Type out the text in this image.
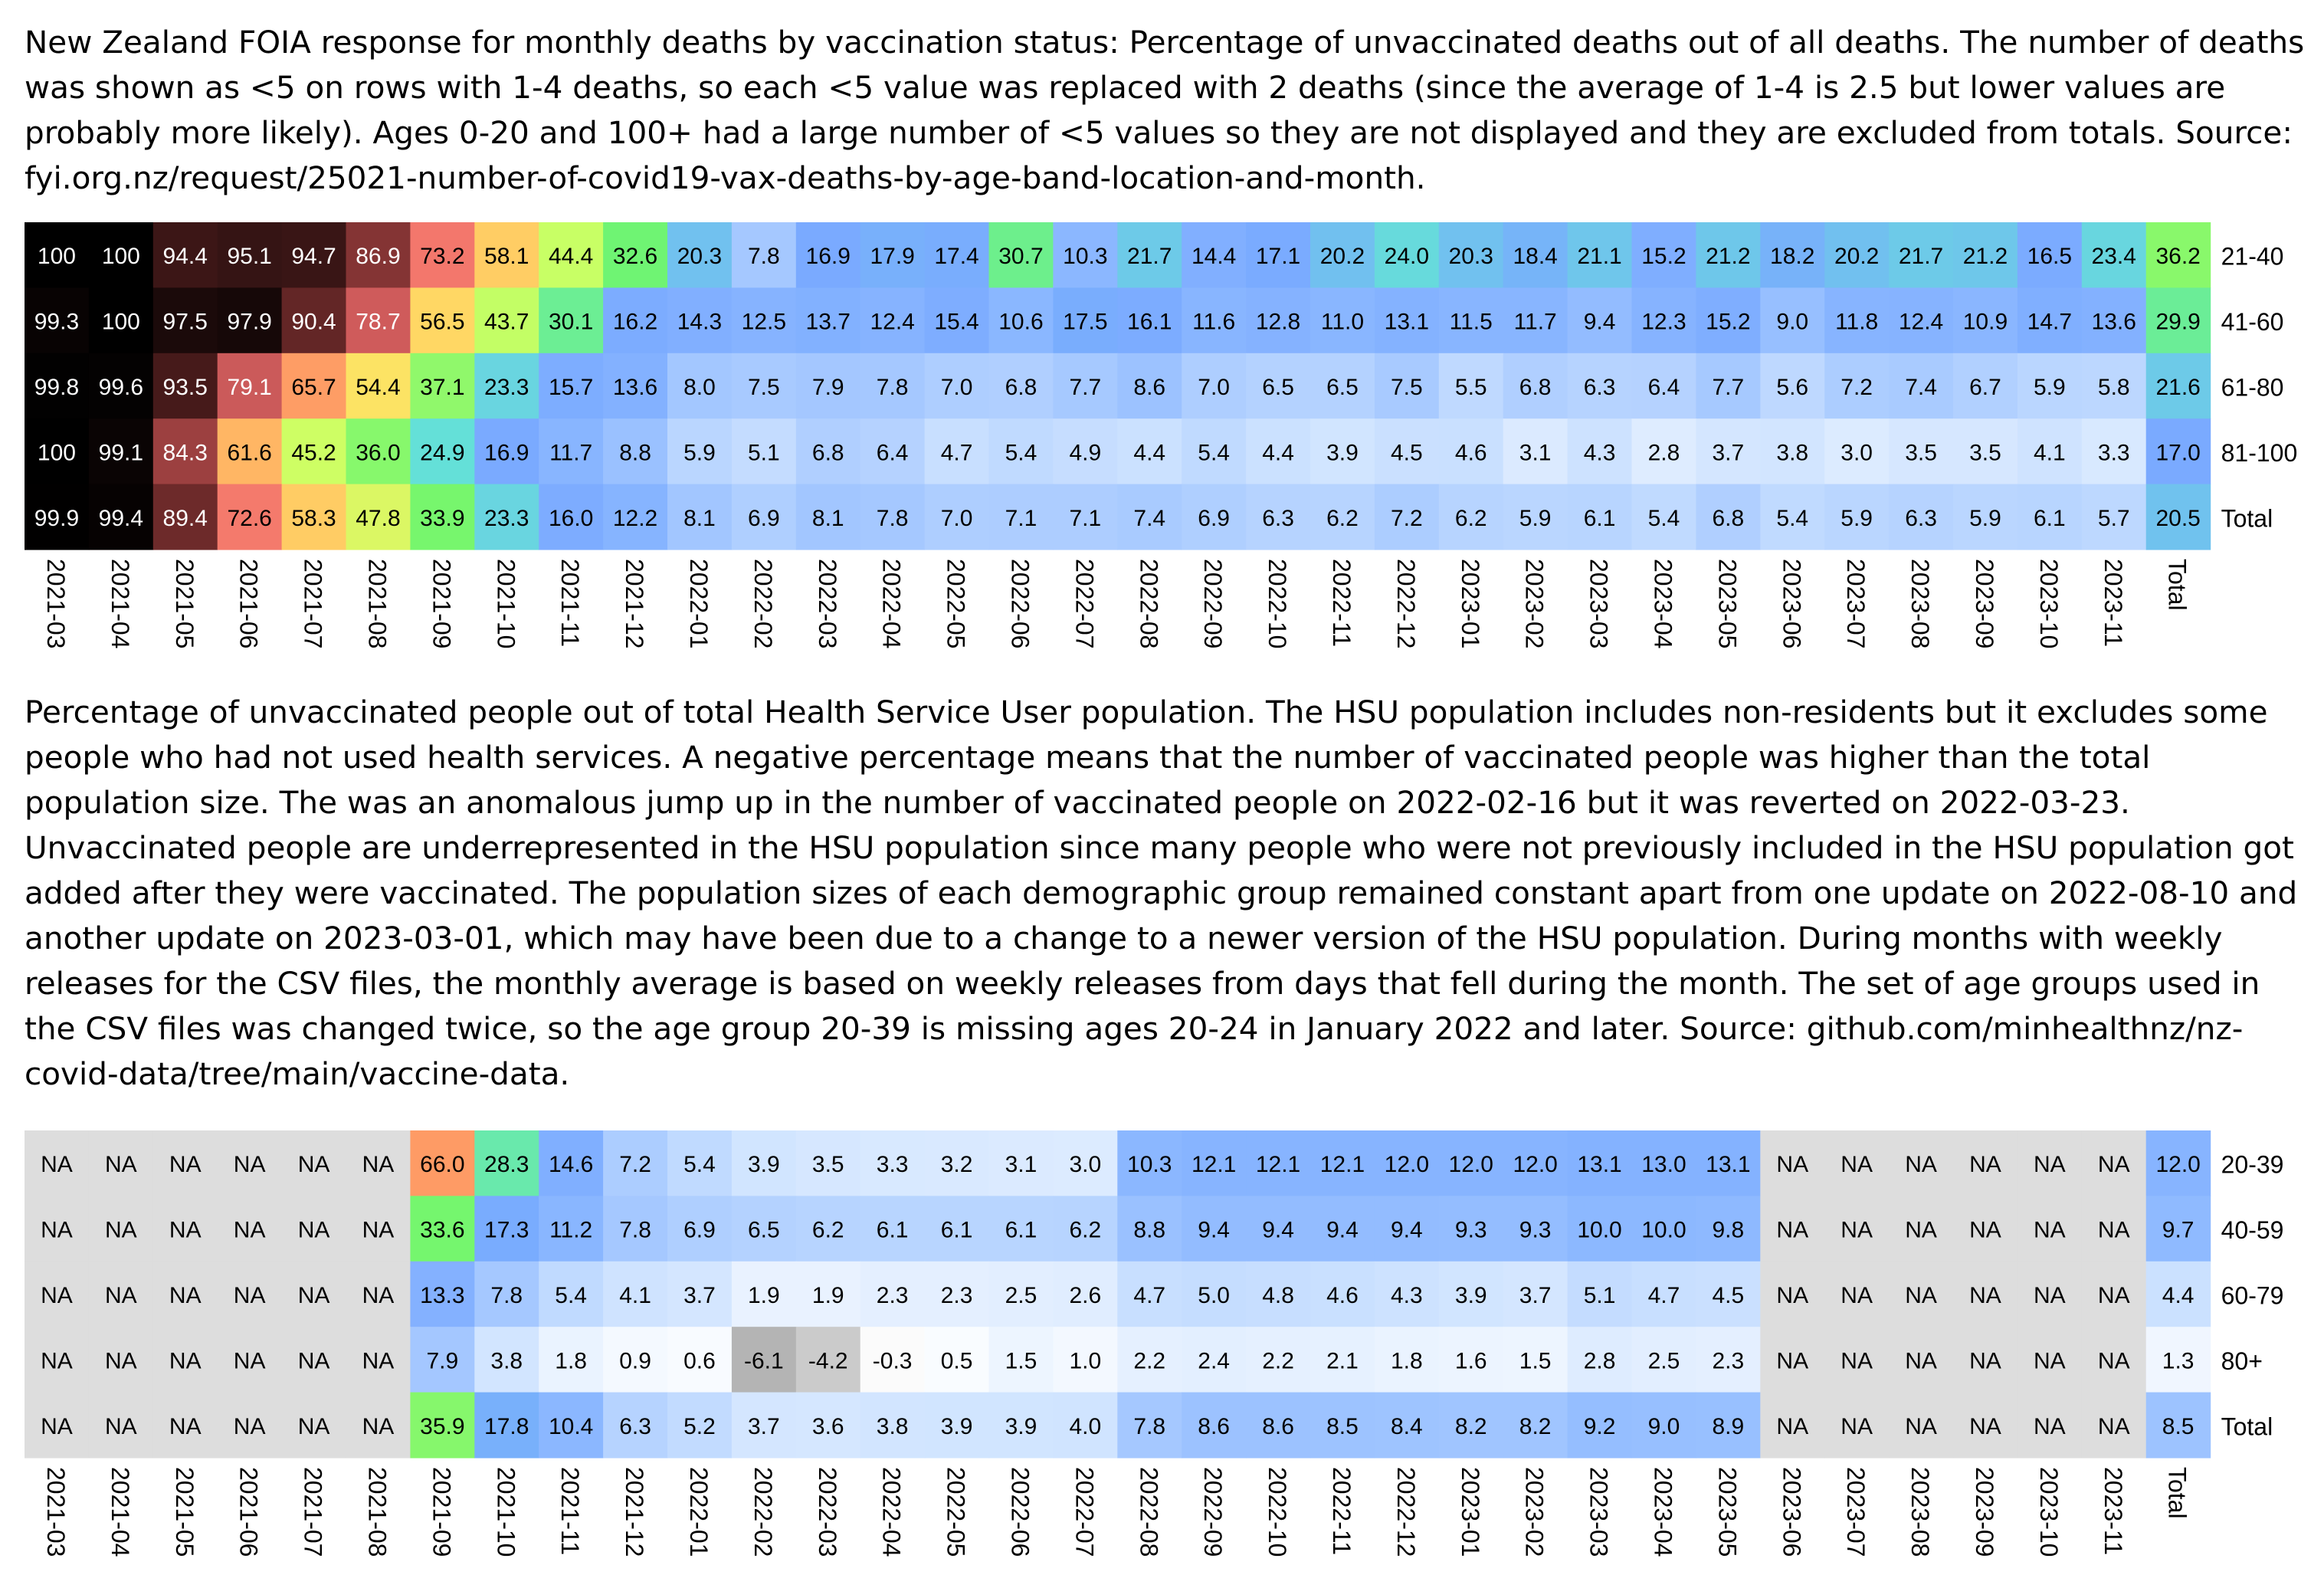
New Zealand FOIA response for monthly deaths by vaccination status: Percentage of unvaccinated deaths out of all deaths. The number of deaths was shown as <5 on rows with 1-4 deaths, so each <5 value was replaced with 2 deaths (since the average of 1-4 is 2.5 but lower values are probably more likely). Ages 0-20 and 100+ had a large number of <5 values so they are not displayed and they are excluded from totals. Source: fyi.org.nz/request/25021-number-of-covid19-vax-deaths-by-age-band-location-and-month.
100 100 94.4 95.1 94.7 86.9 73.2 58.1 44.4 32.6 20.3 7.8 16.9 17.9 17.4 30.7 10.3 21.7 14.4 17.1 20.2 24.0 20.3 18.4 21.1 15.2 21.2 18.2 20.2 21.7 21.2 16.5 23.4 36.2 21-40
99.3 100 97.5 97.9 90.4 78.7 56.5 43.7 30.1 16.2 14.3 12.5 13.7 12.4 15.4 10.6 17.5 16.1 11.6 12.8 11.0 13.1 11.5 11.7 9.4 12.3 15.2 9.0 11.8 12.4 10.9 14.7 13.6 29.9 41-60
99.8 99.6 93.5 79.1 65.7 54.4 37.1 23.3 15.7 13.6 8.0 7.5 7.9 7.8 7.0 6.8 7.7 8.6 7.0 6.5 6.5 7.5 5.5 6.8 6.3 6.4 7.7 5.6 7.2 7.4 6.7 5.9 5.8 21.6 61-80
100 99.1 84.3 61.6 45.2 36.0 24.9 16.9 11.7 8.8 5.9 5.1 6.8 6.4 4.7 5.4 4.9 4.4 5.4 4.4 3.9 4.5 4.6 3.1 4.3 2.8 3.7 3.8 3.0 3.5 3.5 4.1 3.3 17.0 81-100
99.9 99.4 89.4 72.6 58.3 47.8 33.9 23.3 16.0 12.2 8.1 6.9 8.1 7.8 7.0 7.1 7.1 7.4 6.9 6.3 6.2 7.2 6.2 5.9 6.1 5.4 6.8 5.4 5.9 6.3 5.9 6.1 5.7 20.5 Total
2021-03 2021-04 2021-05 2021-06 2021-07 2021-08 2021-09 2021-10 2021-11 2021-12 2022-01 2022-02 2022-03 2022-04 2022-05 2022-06 2022-07 2022-08 2022-09 2022-10 2022-11 2022-12 2023-01 2023-02 2023-03 2023-04 2023-05 2023-06 2023-07 2023-08 2023-09 2023-10 2023-11 Total
Percentage of unvaccinated people out of total Health Service User population. The HSU population includes non-residents but it excludes some people who had not used health services. A negative percentage means that the number of vaccinated people was higher than the total population size. The was an anomalous jump up in the number of vaccinated people on 2022-02-16 but it was reverted on 2022-03-23. Unvaccinated people are underrepresented in the HSU population since many people who were not previously included in the HSU population got added after they were vaccinated. The population sizes of each demographic group remained constant apart from one update on 2022-08-10 and another update on 2023-03-01, which may have been due to a change to a newer version of the HSU population. During months with weekly releases for the CSV files, the monthly average is based on weekly releases from days that fell during the month. The set of age groups used in the CSV files was changed twice, so the age group 20-39 is missing ages 20-24 in January 2022 and later. Source: github.com/minhealthnz/nz-covid-data/tree/main/vaccine-data.
NA NA NA NA NA NA 66.0 28.3 14.6 7.2 5.4 3.9 3.5 3.3 3.2 3.1 3.0 10.3 12.1 12.1 12.1 12.0 12.0 12.0 13.1 13.0 13.1 NA NA NA NA NA NA 12.0 20-39
NA NA NA NA NA NA 33.6 17.3 11.2 7.8 6.9 6.5 6.2 6.1 6.1 6.1 6.2 8.8 9.4 9.4 9.4 9.4 9.3 9.3 10.0 10.0 9.8 NA NA NA NA NA NA 9.7 40-59
NA NA NA NA NA NA 13.3 7.8 5.4 4.1 3.7 1.9 1.9 2.3 2.3 2.5 2.6 4.7 5.0 4.8 4.6 4.3 3.9 3.7 5.1 4.7 4.5 NA NA NA NA NA NA 4.4 60-79
NA NA NA NA NA NA 7.9 3.8 1.8 0.9 0.6 -6.1 -4.2 -0.3 0.5 1.5 1.0 2.2 2.4 2.2 2.1 1.8 1.6 1.5 2.8 2.5 2.3 NA NA NA NA NA NA 1.3 80+
NA NA NA NA NA NA 35.9 17.8 10.4 6.3 5.2 3.7 3.6 3.8 3.9 3.9 4.0 7.8 8.6 8.6 8.5 8.4 8.2 8.2 9.2 9.0 8.9 NA NA NA NA NA NA 8.5 Total
2021-03 2021-04 2021-05 2021-06 2021-07 2021-08 2021-09 2021-10 2021-11 2021-12 2022-01 2022-02 2022-03 2022-04 2022-05 2022-06 2022-07 2022-08 2022-09 2022-10 2022-11 2022-12 2023-01 2023-02 2023-03 2023-04 2023-05 2023-06 2023-07 2023-08 2023-09 2023-10 2023-11 Total
